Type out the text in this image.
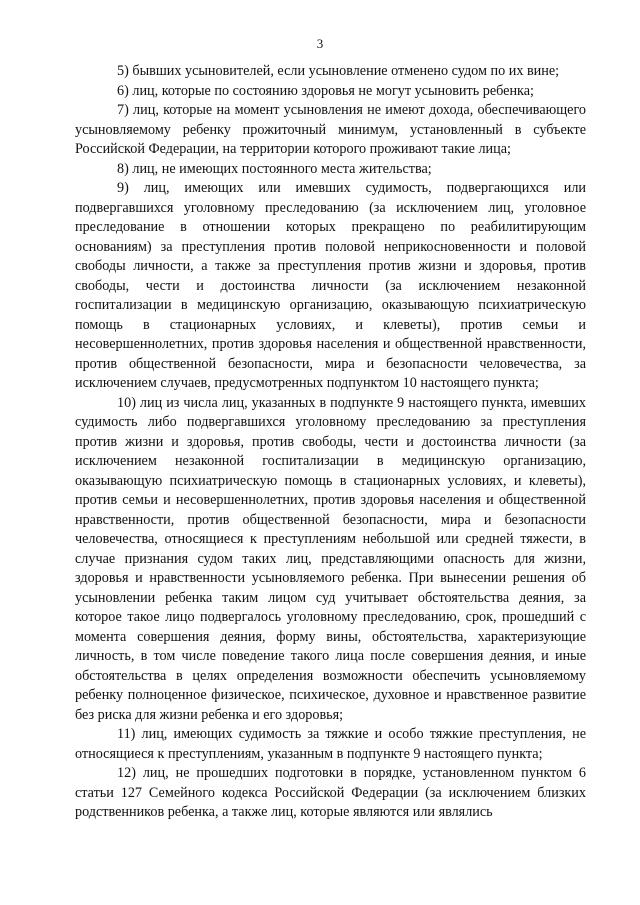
3

5) бывших усыновителей, если усыновление отменено судом по их вине;

6) лиц, которые по состоянию здоровья не могут усыновить ребенка;

7) лиц, которые на момент усыновления не имеют дохода, обеспечивающего усыновляемому ребенку прожиточный минимум, установленный в субъекте Российской Федерации, на территории которого проживают такие лица;

8) лиц, не имеющих постоянного места жительства;

9) лиц, имеющих или имевших судимость, подвергающихся или подвергавшихся уголовному преследованию (за исключением лиц, уголовное преследование в отношении которых прекращено по реабилитирующим основаниям) за преступления против половой неприкосновенности и половой свободы личности, а также за преступления против жизни и здоровья, против свободы, чести и достоинства личности (за исключением незаконной госпитализации в медицинскую организацию, оказывающую психиатрическую помощь в стационарных условиях, и клеветы), против семьи и несовершеннолетних, против здоровья населения и общественной нравственности, против общественной безопасности, мира и безопасности человечества, за исключением случаев, предусмотренных подпунктом 10 настоящего пункта;

10) лиц из числа лиц, указанных в подпункте 9 настоящего пункта, имевших судимость либо подвергавшихся уголовному преследованию за преступления против жизни и здоровья, против свободы, чести и достоинства личности (за исключением незаконной госпитализации в медицинскую организацию, оказывающую психиатрическую помощь в стационарных условиях, и клеветы), против семьи и несовершеннолетних, против здоровья населения и общественной нравственности, против общественной безопасности, мира и безопасности человечества, относящиеся к преступлениям небольшой или средней тяжести, в случае признания судом таких лиц, представляющими опасность для жизни, здоровья и нравственности усыновляемого ребенка. При вынесении решения об усыновлении ребенка таким лицом суд учитывает обстоятельства деяния, за которое такое лицо подвергалось уголовному преследованию, срок, прошедший с момента совершения деяния, форму вины, обстоятельства, характеризующие личность, в том числе поведение такого лица после совершения деяния, и иные обстоятельства в целях определения возможности обеспечить усыновляемому ребенку полноценное физическое, психическое, духовное и нравственное развитие без риска для жизни ребенка и его здоровья;

11) лиц, имеющих судимость за тяжкие и особо тяжкие преступления, не относящиеся к преступлениям, указанным в подпункте 9 настоящего пункта;

12) лиц, не прошедших подготовки в порядке, установленном пунктом 6 статьи 127 Семейного кодекса Российской Федерации (за исключением близких родственников ребенка, а также лиц, которые являются или являлись
